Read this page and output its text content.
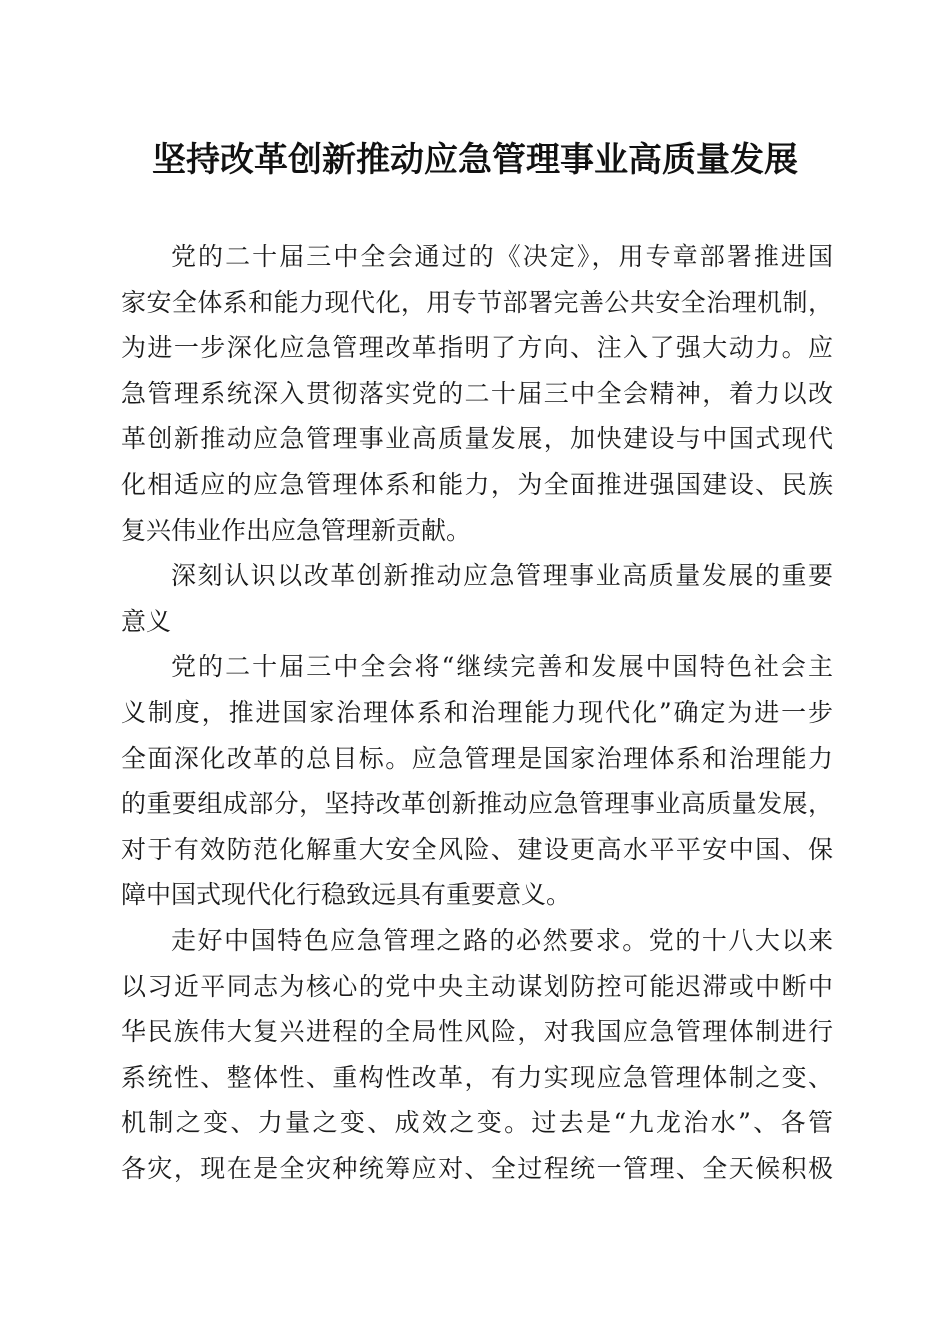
坚持改革创新推动应急管理事业高质量发展
党的二十届三中全会通过的《决定》，用专章部署推进国
家安全体系和能力现代化，用专节部署完善公共安全治理机制，
为进一步深化应急管理改革指明了方向、注入了强大动力。应
急管理系统深入贯彻落实党的二十届三中全会精神，着力以改
革创新推动应急管理事业高质量发展，加快建设与中国式现代
化相适应的应急管理体系和能力，为全面推进强国建设、民族
复兴伟业作出应急管理新贡献。
深刻认识以改革创新推动应急管理事业高质量发展的重要
意义
党的二十届三中全会将“继续完善和发展中国特色社会主
义制度，推进国家治理体系和治理能力现代化”确定为进一步
全面深化改革的总目标。应急管理是国家治理体系和治理能力
的重要组成部分，坚持改革创新推动应急管理事业高质量发展，
对于有效防范化解重大安全风险、建设更高水平平安中国、保
障中国式现代化行稳致远具有重要意义。
走好中国特色应急管理之路的必然要求。党的十八大以来
以习近平同志为核心的党中央主动谋划防控可能迟滞或中断中
华民族伟大复兴进程的全局性风险，对我国应急管理体制进行
系统性、整体性、重构性改革，有力实现应急管理体制之变、
机制之变、力量之变、成效之变。过去是“九龙治水”、各管
各灾，现在是全灾种统筹应对、全过程统一管理、全天候积极
